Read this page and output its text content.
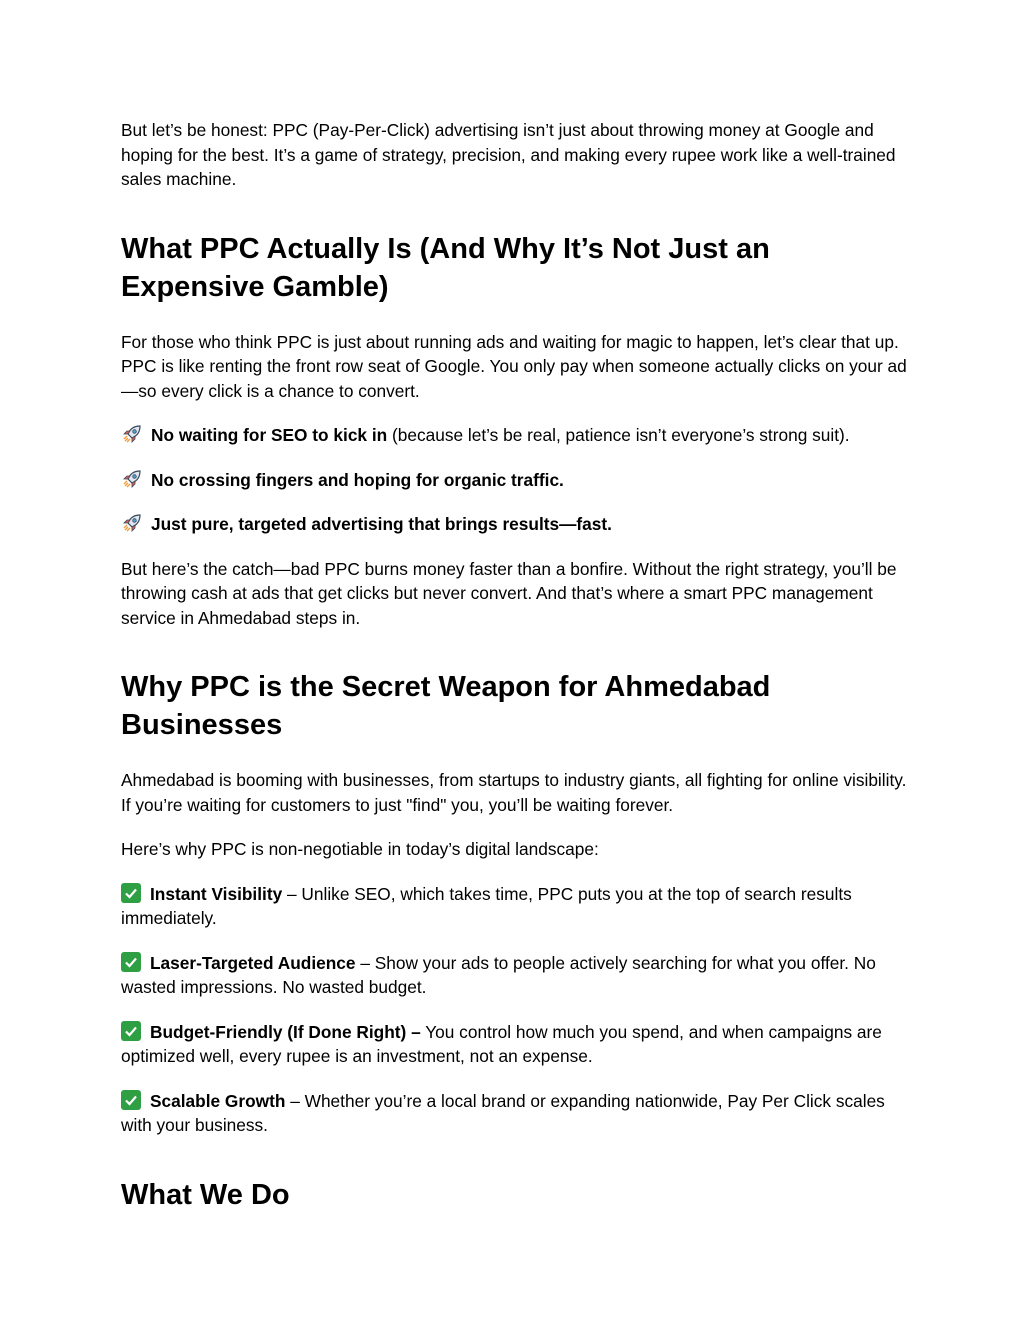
But let’s be honest: PPC (Pay-Per-Click) advertising isn’t just about throwing money at Google and hoping for the best. It’s a game of strategy, precision, and making every rupee work like a well-trained sales machine.

What PPC Actually Is (And Why It’s Not Just an Expensive Gamble)

For those who think PPC is just about running ads and waiting for magic to happen, let’s clear that up. PPC is like renting the front row seat of Google. You only pay when someone actually clicks on your ad—so every click is a chance to convert.

No waiting for SEO to kick in (because let’s be real, patience isn’t everyone’s strong suit).

No crossing fingers and hoping for organic traffic.

Just pure, targeted advertising that brings results—fast.

But here’s the catch—bad PPC burns money faster than a bonfire. Without the right strategy, you’ll be throwing cash at ads that get clicks but never convert. And that’s where a smart PPC management service in Ahmedabad steps in.

Why PPC is the Secret Weapon for Ahmedabad Businesses

Ahmedabad is booming with businesses, from startups to industry giants, all fighting for online visibility. If you’re waiting for customers to just "find" you, you’ll be waiting forever.

Here’s why PPC is non-negotiable in today’s digital landscape:

Instant Visibility – Unlike SEO, which takes time, PPC puts you at the top of search results immediately.

Laser-Targeted Audience – Show your ads to people actively searching for what you offer. No wasted impressions. No wasted budget.

Budget-Friendly (If Done Right) – You control how much you spend, and when campaigns are optimized well, every rupee is an investment, not an expense.

Scalable Growth – Whether you’re a local brand or expanding nationwide, Pay Per Click scales with your business.

What We Do
